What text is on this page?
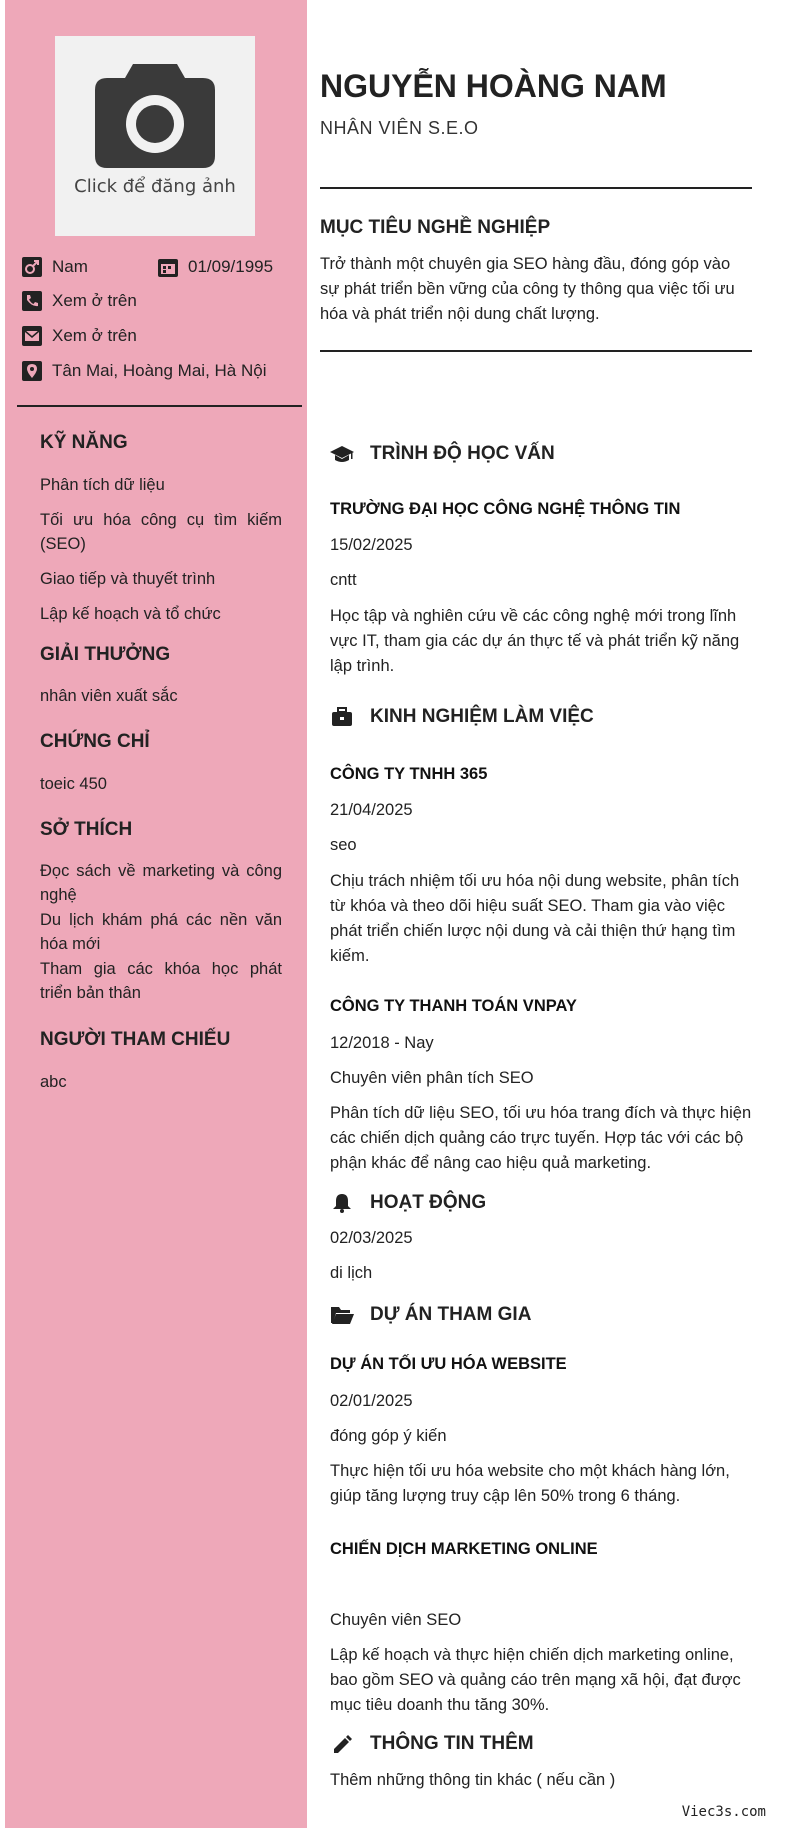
Click để đăng ảnh
Nam	01/09/1995
Xem ở trên
Xem ở trên
Tân Mai, Hoàng Mai, Hà Nội
KỸ NĂNG
Phân tích dữ liệu
Tối ưu hóa công cụ tìm kiếm (SEO)
Giao tiếp và thuyết trình
Lập kế hoạch và tổ chức
GIẢI THƯỞNG
nhân viên xuất sắc
CHỨNG CHỈ
toeic 450
SỞ THÍCH
Đọc sách về marketing và công nghệ
Du lịch khám phá các nền văn hóa mới
Tham gia các khóa học phát triển bản thân
NGƯỜI THAM CHIẾU
abc
NGUYỄN HOÀNG NAM
NHÂN VIÊN S.E.O
MỤC TIÊU NGHỀ NGHIỆP
Trở thành một chuyên gia SEO hàng đầu, đóng góp vào sự phát triển bền vững của công ty thông qua việc tối ưu hóa và phát triển nội dung chất lượng.
TRÌNH ĐỘ HỌC VẤN
TRƯỜNG ĐẠI HỌC CÔNG NGHỆ THÔNG TIN
15/02/2025
cntt
Học tập và nghiên cứu về các công nghệ mới trong lĩnh vực IT, tham gia các dự án thực tế và phát triển kỹ năng lập trình.
KINH NGHIỆM LÀM VIỆC
CÔNG TY TNHH 365
21/04/2025
seo
Chịu trách nhiệm tối ưu hóa nội dung website, phân tích từ khóa và theo dõi hiệu suất SEO. Tham gia vào việc phát triển chiến lược nội dung và cải thiện thứ hạng tìm kiếm.
CÔNG TY THANH TOÁN VNPAY
12/2018 - Nay
Chuyên viên phân tích SEO
Phân tích dữ liệu SEO, tối ưu hóa trang đích và thực hiện các chiến dịch quảng cáo trực tuyến. Hợp tác với các bộ phận khác để nâng cao hiệu quả marketing.
HOẠT ĐỘNG
02/03/2025
di lịch
DỰ ÁN THAM GIA
DỰ ÁN TỐI ƯU HÓA WEBSITE
02/01/2025
đóng góp ý kiến
Thực hiện tối ưu hóa website cho một khách hàng lớn, giúp tăng lượng truy cập lên 50% trong 6 tháng.
CHIẾN DỊCH MARKETING ONLINE
Chuyên viên SEO
Lập kế hoạch và thực hiện chiến dịch marketing online, bao gồm SEO và quảng cáo trên mạng xã hội, đạt được mục tiêu doanh thu tăng 30%.
THÔNG TIN THÊM
Thêm những thông tin khác ( nếu cần )
Viec3s.com
